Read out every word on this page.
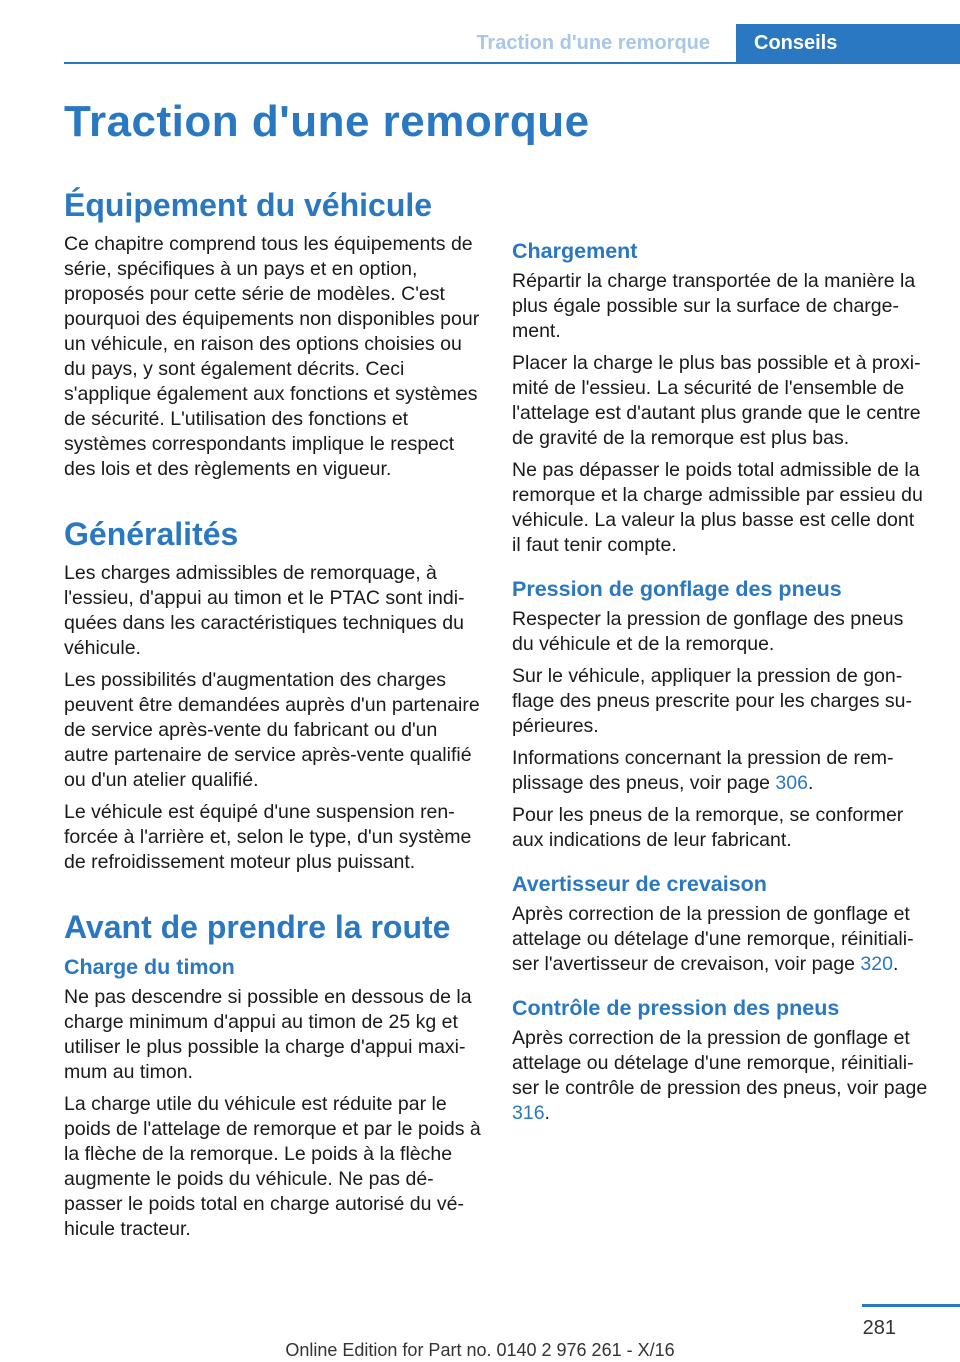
Traction d'une remorque	Conseils
Traction d'une remorque
Équipement du véhicule

Ce chapitre comprend tous les équipements de série, spécifiques à un pays et en option, proposés pour cette série de modèles. C'est pourquoi des équipements non disponibles pour un véhicule, en raison des options choisies ou du pays, y sont également décrits. Ceci s'applique également aux fonctions et systèmes de sécurité. L'utilisation des fonctions et systèmes correspondants implique le respect des lois et des règlements en vigueur.

Généralités

Les charges admissibles de remorquage, à l'essieu, d'appui au timon et le PTAC sont indiquées dans les caractéristiques techniques du véhicule.

Les possibilités d'augmentation des charges peuvent être demandées auprès d'un partenaire de service après-vente du fabricant ou d'un autre partenaire de service après-vente qualifié ou d'un atelier qualifié.

Le véhicule est équipé d'une suspension renforcée à l'arrière et, selon le type, d'un système de refroidissement moteur plus puissant.

Avant de prendre la route
Charge du timon

Ne pas descendre si possible en dessous de la charge minimum d'appui au timon de 25 kg et utiliser le plus possible la charge d'appui maximum au timon.

La charge utile du véhicule est réduite par le poids de l'attelage de remorque et par le poids à la flèche de la remorque. Le poids à la flèche augmente le poids du véhicule. Ne pas dépasser le poids total en charge autorisé du véhicule tracteur.

Chargement

Répartir la charge transportée de la manière la plus égale possible sur la surface de chargement.

Placer la charge le plus bas possible et à proximité de l'essieu. La sécurité de l'ensemble de l'attelage est d'autant plus grande que le centre de gravité de la remorque est plus bas.

Ne pas dépasser le poids total admissible de la remorque et la charge admissible par essieu du véhicule. La valeur la plus basse est celle dont il faut tenir compte.

Pression de gonflage des pneus

Respecter la pression de gonflage des pneus du véhicule et de la remorque.

Sur le véhicule, appliquer la pression de gonflage des pneus prescrite pour les charges supérieures.

Informations concernant la pression de remplissage des pneus, voir page 306.

Pour les pneus de la remorque, se conformer aux indications de leur fabricant.

Avertisseur de crevaison

Après correction de la pression de gonflage et attelage ou dételage d'une remorque, réinitialiser l'avertisseur de crevaison, voir page 320.

Contrôle de pression des pneus

Après correction de la pression de gonflage et attelage ou dételage d'une remorque, réinitialiser le contrôle de pression des pneus, voir page 316.

281
Online Edition for Part no. 0140 2 976 261 - X/16
